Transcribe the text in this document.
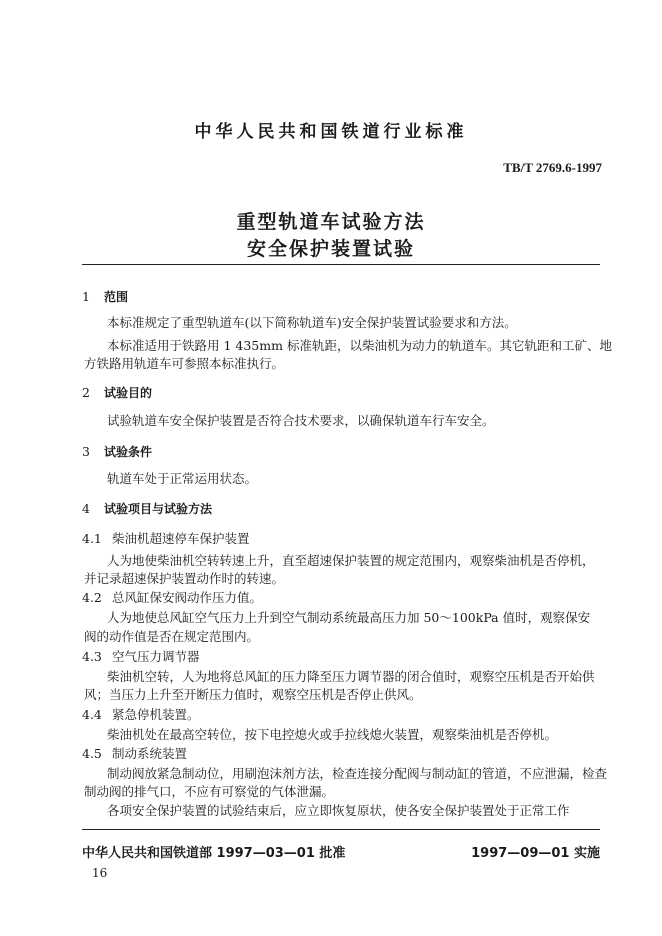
中华人民共和国铁道行业标准
TB/T 2769.6-1997
重型轨道车试验方法
安全保护装置试验
1 范围
本标准规定了重型轨道车(以下简称轨道车)安全保护装置试验要求和方法。
本标准适用于铁路用 1 435mm 标准轨距，以柴油机为动力的轨道车。其它轨距和工矿、地
方铁路用轨道车可参照本标准执行。
2 试验目的
试验轨道车安全保护装置是否符合技术要求，以确保轨道车行车安全。
3 试验条件
轨道车处于正常运用状态。
4 试验项目与试验方法
4.1 柴油机超速停车保护装置
人为地使柴油机空转转速上升，直至超速保护装置的规定范围内，观察柴油机是否停机，
并记录超速保护装置动作时的转速。
4.2 总风缸保安阀动作压力值。
人为地使总风缸空气压力上升到空气制动系统最高压力加 50～100kPa 值时，观察保安
阀的动作值是否在规定范围内。
4.3 空气压力调节器
柴油机空转，人为地将总风缸的压力降至压力调节器的闭合值时，观察空压机是否开始供
风；当压力上升至开断压力值时，观察空压机是否停止供风。
4.4 紧急停机装置。
柴油机处在最高空转位，按下电控熄火或手拉线熄火装置，观察柴油机是否停机。
4.5 制动系统装置
制动阀放紧急制动位，用刷泡沫剂方法，检查连接分配阀与制动缸的管道，不应泄漏，检查
制动阀的排气口，不应有可察觉的气体泄漏。
各项安全保护装置的试验结束后，应立即恢复原状，使各安全保护装置处于正常工作
中华人民共和国铁道部 1997—03—01 批准	1997—09—01 实施
16
